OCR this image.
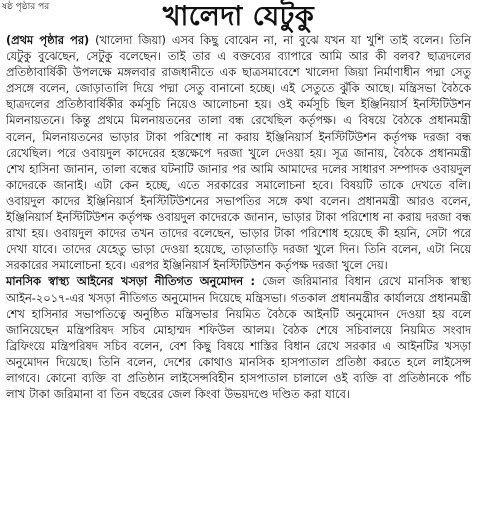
ষষ্ঠ পৃষ্ঠার পর	খালেদা যেটুকু

(প্রথম পৃষ্ঠার পর) (খালেদা জিয়া) এসব কিছু বোঝেন না, না বুঝে যখন যা খুশি তাই বলেন। তিনি যেটুকু বুঝেছেন, সেটুকু বলেছেন। তাই তার এ বক্তব্যের ব্যাপারে আমি আর কী বলব? ছাত্রদলের প্রতিষ্ঠাবার্ষিকী উপলক্ষে মঙ্গলবার রাজধানীতে এক ছাত্রসমাবেশে খালেদা জিয়া নির্মাণাধীন পদ্মা সেতু প্রসঙ্গে বলেন, জোড়াতালি দিয়ে পদ্মা সেতু বানানো হচ্ছে। এই সেতুতে ঝুঁকি আছে। মন্ত্রিসভা বৈঠকে ছাত্রদলের প্রতিষ্ঠাবার্ষিকীর কর্মসূচি নিয়েও আলোচনা হয়। ওই কর্মসূচি ছিল ইঞ্জিনিয়ার্স ইনস্টিটিউশন মিলনায়তনে। কিন্তু প্রথমে মিলনায়তনের তালা বন্ধ রেখেছিল কর্তৃপক্ষ। এ বিষয়ে বৈঠকে প্রধানমন্ত্রী বলেন, মিলনায়তনের ভাড়ার টাকা পরিশোধ না করায় ইঞ্জিনিয়ার্স ইনস্টিটিউশন কর্তৃপক্ষ দরজা বন্ধ রেখেছিল। পরে ওবায়দুল কাদেরের হস্তক্ষেপে দরজা খুলে দেওয়া হয়। সূত্র জানায়, বৈঠকে প্রধানমন্ত্রী শেখ হাসিনা জানান, তালা বন্ধের ঘটনাটি জানার পর আমি আমাদের দলের সাধারণ সম্পাদক ওবায়দুল কাদেরকে জানাই। এটা কেন হচ্ছে, এতে সরকারের সমালোচনা হবে। বিষয়টি তাকে দেখতে বলি। ওবায়দুল কাদের ইঞ্জিনিয়ার্স ইনস্টিটিউশনের সভাপতির সঙ্গে কথা বলেন। প্রধানমন্ত্রী আরও বলেন, ইঞ্জিনিয়ার্স ইনস্টিটিউশন কর্তৃপক্ষ ওবায়দুল কাদেরকে জানান, ভাড়ার টাকা পরিশোধ না করায় দরজা বন্ধ রাখা হয়। ওবায়দুল কাদের তখন তাদের বলেছেন, ভাড়ার টাকা পরিশোধ হয়েছে কী হয়নি, সেটা পরে দেখা যাবে। তাদের যেহেতু ভাড়া দেওয়া হয়েছে, তাড়াতাড়ি দরজা খুলে দিন। তিনি বলেন, এটা নিয়ে সরকারের সমালোচনা হবে। এরপর ইঞ্জিনিয়ার্স ইনস্টিটিউশন কর্তৃপক্ষ দরজা খুলে দেয়।

মানসিক স্বাস্থ্য আইনের খসড়া নীতিগত অনুমোদন : জেল জরিমানার বিধান রেখে মানসিক স্বাস্থ্য আইন-২০১৭-এর খসড়া নীতিগত অনুমোদন দিয়েছে মন্ত্রিসভা। গতকাল প্রধানমন্ত্রীর কার্যালয়ে প্রধানমন্ত্রী শেখ হাসিনার সভাপতিত্বে অনুষ্ঠিত মন্ত্রিসভার নিয়মিত বৈঠকে আইনটি অনুমোদন দেওয়া হয় বলে জানিয়েছেন মন্ত্রিপরিষদ সচিব মোহাম্মদ শফিউল আলম। বৈঠক শেষে সচিবালয়ে নিয়মিত সংবাদ ব্রিফিংয়ে মন্ত্রিপরিষদ সচিব বলেন, বেশ কিছু বিষয়ে শাস্তির বিধান রেখে সরকার এ আইনটির খসড়া অনুমোদন দিয়েছে। তিনি বলেন, দেশের কোথাও মানসিক হাসপাতাল প্রতিষ্ঠা করতে হলে লাইসেন্স লাগবে। কোনো ব্যক্তি বা প্রতিষ্ঠান লাইসেন্সবিহীন হাসপাতাল চালালে ওই ব্যক্তি বা প্রতিষ্ঠানকে পাঁচ লাখ টাকা জরিমানা বা তিন বছরের জেল কিংবা উভয়দণ্ডে দণ্ডিত করা যাবে।
